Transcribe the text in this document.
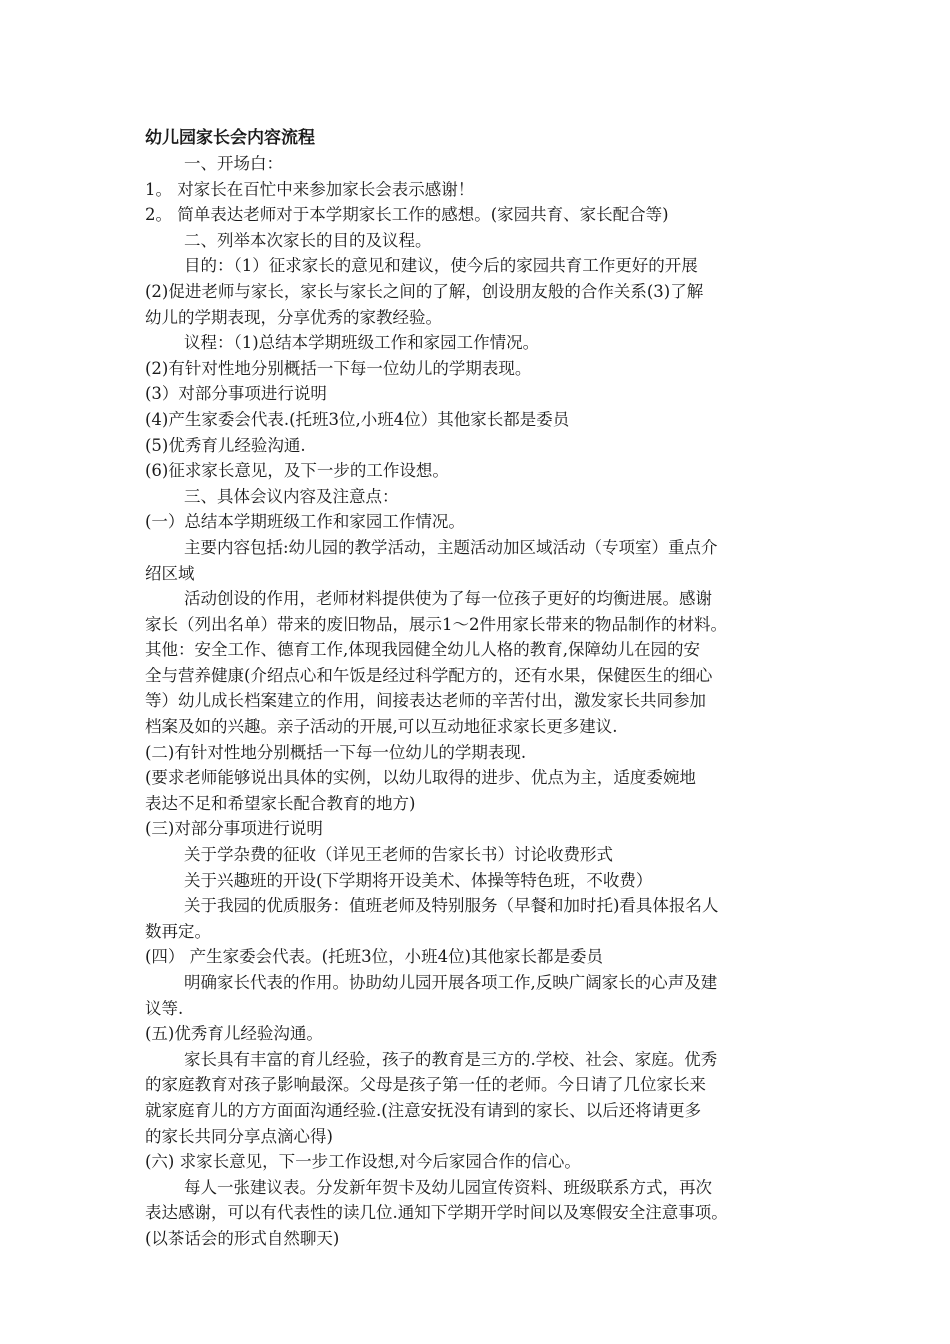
幼儿园家长会内容流程
一、开场白：
1。 对家长在百忙中来参加家长会表示感谢！
2。 简单表达老师对于本学期家长工作的感想。(家园共育、家长配合等)
二、列举本次家长的目的及议程。
目的：（1）征求家长的意见和建议，使今后的家园共育工作更好的开展
(2)促进老师与家长，家长与家长之间的了解，创设朋友般的合作关系(3)了解
幼儿的学期表现，分享优秀的家教经验。
议程：（1)总结本学期班级工作和家园工作情况。
(2)有针对性地分别概括一下每一位幼儿的学期表现。
(3）对部分事项进行说明
(4)产生家委会代表.(托班3位,小班4位）其他家长都是委员
(5)优秀育儿经验沟通.
(6)征求家长意见，及下一步的工作设想。
三、具体会议内容及注意点：
(一）总结本学期班级工作和家园工作情况。
主要内容包括:幼儿园的教学活动，主题活动加区域活动（专项室）重点介
绍区域
活动创设的作用，老师材料提供使为了每一位孩子更好的均衡进展。感谢
家长（列出名单）带来的废旧物品，展示1～2件用家长带来的物品制作的材料。
其他：安全工作、德育工作,体现我园健全幼儿人格的教育,保障幼儿在园的安
全与营养健康(介绍点心和午饭是经过科学配方的，还有水果，保健医生的细心
等）幼儿成长档案建立的作用，间接表达老师的辛苦付出，激发家长共同参加
档案及如的兴趣。亲子活动的开展,可以互动地征求家长更多建议.
(二)有针对性地分别概括一下每一位幼儿的学期表现.
(要求老师能够说出具体的实例，以幼儿取得的进步、优点为主，适度委婉地
表达不足和希望家长配合教育的地方)
(三)对部分事项进行说明
关于学杂费的征收（详见王老师的告家长书）讨论收费形式
关于兴趣班的开设(下学期将开设美术、体操等特色班，不收费）
关于我园的优质服务：值班老师及特别服务（早餐和加时托)看具体报名人
数再定。
(四） 产生家委会代表。(托班3位，小班4位)其他家长都是委员
明确家长代表的作用。协助幼儿园开展各项工作,反映广阔家长的心声及建
议等.
(五)优秀育儿经验沟通。
家长具有丰富的育儿经验，孩子的教育是三方的.学校、社会、家庭。优秀
的家庭教育对孩子影响最深。父母是孩子第一任的老师。今日请了几位家长来
就家庭育儿的方方面面沟通经验.(注意安抚没有请到的家长、以后还将请更多
的家长共同分享点滴心得)
(六) 求家长意见，下一步工作设想,对今后家园合作的信心。
每人一张建议表。分发新年贺卡及幼儿园宣传资料、班级联系方式，再次
表达感谢，可以有代表性的读几位.通知下学期开学时间以及寒假安全注意事项。
(以茶话会的形式自然聊天)
